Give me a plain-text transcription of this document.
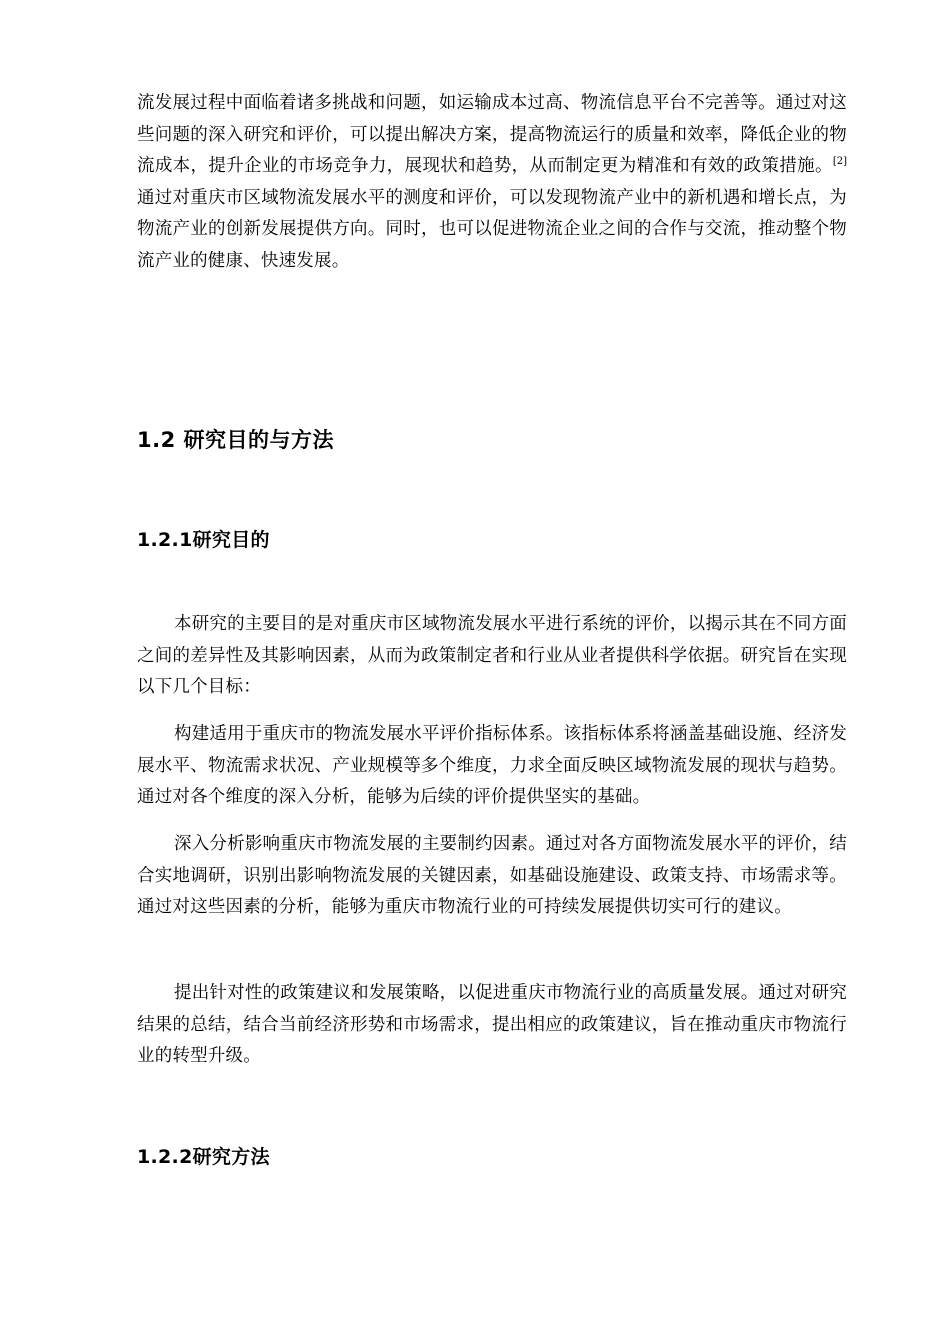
流发展过程中面临着诸多挑战和问题，如运输成本过高、物流信息平台不完善等。通过对这些问题的深入研究和评价，可以提出解决方案，提高物流运行的质量和效率，降低企业的物流成本，提升企业的市场竞争力，展现状和趋势，从而制定更为精准和有效的政策措施。[2]通过对重庆市区域物流发展水平的测度和评价，可以发现物流产业中的新机遇和增长点，为物流产业的创新发展提供方向。同时，也可以促进物流企业之间的合作与交流，推动整个物流产业的健康、快速发展。

1.2 研究目的与方法
1.2.1研究目的

本研究的主要目的是对重庆市区域物流发展水平进行系统的评价，以揭示其在不同方面之间的差异性及其影响因素，从而为政策制定者和行业从业者提供科学依据。研究旨在实现以下几个目标：

构建适用于重庆市的物流发展水平评价指标体系。该指标体系将涵盖基础设施、经济发展水平、物流需求状况、产业规模等多个维度，力求全面反映区域物流发展的现状与趋势。通过对各个维度的深入分析，能够为后续的评价提供坚实的基础。

深入分析影响重庆市物流发展的主要制约因素。通过对各方面物流发展水平的评价，结合实地调研，识别出影响物流发展的关键因素，如基础设施建设、政策支持、市场需求等。通过对这些因素的分析，能够为重庆市物流行业的可持续发展提供切实可行的建议。

提出针对性的政策建议和发展策略，以促进重庆市物流行业的高质量发展。通过对研究结果的总结，结合当前经济形势和市场需求，提出相应的政策建议，旨在推动重庆市物流行业的转型升级。

1.2.2研究方法
